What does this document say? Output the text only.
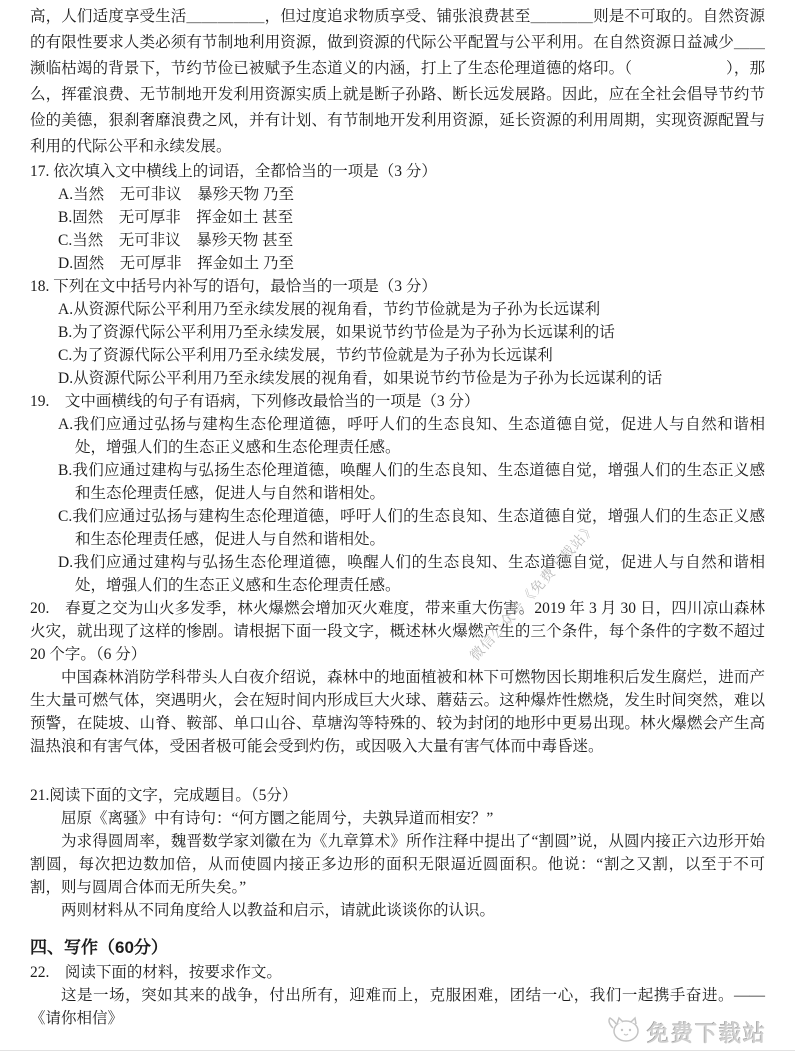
高，人们适度享受生活＿＿＿＿＿，但过度追求物质享受、铺张浪费甚至＿＿＿＿则是不可取的。自然资源的有限性要求人类必须有节制地利用资源，做到资源的代际公平配置与公平利用。在自然资源日益减少＿＿濒临枯竭的背景下，节约节俭已被赋予生态道义的内涵，打上了生态伦理道德的烙印。（　　　　　　），那么，挥霍浪费、无节制地开发利用资源实质上就是断子孙路、断长远发展路。因此，应在全社会倡导节约节俭的美德，狠刹奢靡浪费之风，并有计划、有节制地开发利用资源，延长资源的利用周期，实现资源配置与利用的代际公平和永续发展。

17. 依次填入文中横线上的词语，全都恰当的一项是（3 分）

A.当然　无可非议　暴殄天物 乃至

B.固然　无可厚非　挥金如土 甚至

C.当然　无可非议　暴殄天物 甚至

D.固然　无可厚非　挥金如土 乃至

18. 下列在文中括号内补写的语句，最恰当的一项是（3 分）

A.从资源代际公平利用乃至永续发展的视角看，节约节俭就是为子孙为长远谋利

B.为了资源代际公平利用乃至永续发展，如果说节约节俭是为子孙为长远谋利的话

C.为了资源代际公平利用乃至永续发展，节约节俭就是为子孙为长远谋利

D.从资源代际公平利用乃至永续发展的视角看，如果说节约节俭是为子孙为长远谋利的话

19.　文中画横线的句子有语病，下列修改最恰当的一项是（3 分）

A.我们应通过弘扬与建构生态伦理道德，呼吁人们的生态良知、生态道德自觉，促进人与自然和谐相处，增强人们的生态正义感和生态伦理责任感。

B.我们应通过建构与弘扬生态伦理道德，唤醒人们的生态良知、生态道德自觉，增强人们的生态正义感和生态伦理责任感，促进人与自然和谐相处。

C.我们应通过弘扬与建构生态伦理道德，呼吁人们的生态良知、生态道德自觉，增强人们的生态正义感和生态伦理责任感，促进人与自然和谐相处。

D.我们应通过建构与弘扬生态伦理道德，唤醒人们的生态良知、生态道德自觉，促进人与自然和谐相处，增强人们的生态正义感和生态伦理责任感。

20.　春夏之交为山火多发季，林火爆燃会增加灭火难度，带来重大伤害。2019 年 3 月 30 日，四川凉山森林火灾，就出现了这样的惨剧。请根据下面一段文字，概述林火爆燃产生的三个条件，每个条件的字数不超过 20 个字。（6 分）

中国森林消防学科带头人白夜介绍说，森林中的地面植被和林下可燃物因长期堆积后发生腐烂，进而产生大量可燃气体，突遇明火，会在短时间内形成巨大火球、蘑菇云。这种爆炸性燃烧，发生时间突然，难以预警，在陡坡、山脊、鞍部、单口山谷、草塘沟等特殊的、较为封闭的地形中更易出现。林火爆燃会产生高温热浪和有害气体，受困者极可能会受到灼伤，或因吸入大量有害气体而中毒昏迷。

21.阅读下面的文字，完成题目。（5分）

屈原《离骚》中有诗句：“何方圜之能周兮，夫孰异道而相安？”

为求得圆周率，魏晋数学家刘徽在为《九章算术》所作注释中提出了“割圆”说，从圆内接正六边形开始割圆，每次把边数加倍，从而使圆内接正多边形的面积无限逼近圆面积。他说：“割之又割，以至于不可割，则与圆周合体而无所失矣。”

两则材料从不同角度给人以教益和启示，请就此谈谈你的认识。

四、写作（60分）

22.　阅读下面的材料，按要求作文。

这是一场，突如其来的战争，付出所有，迎难而上，克服困难，团结一心，我们一起携手奋进。——《请你相信》

微信公众号《免费下载站》
免费下载站
